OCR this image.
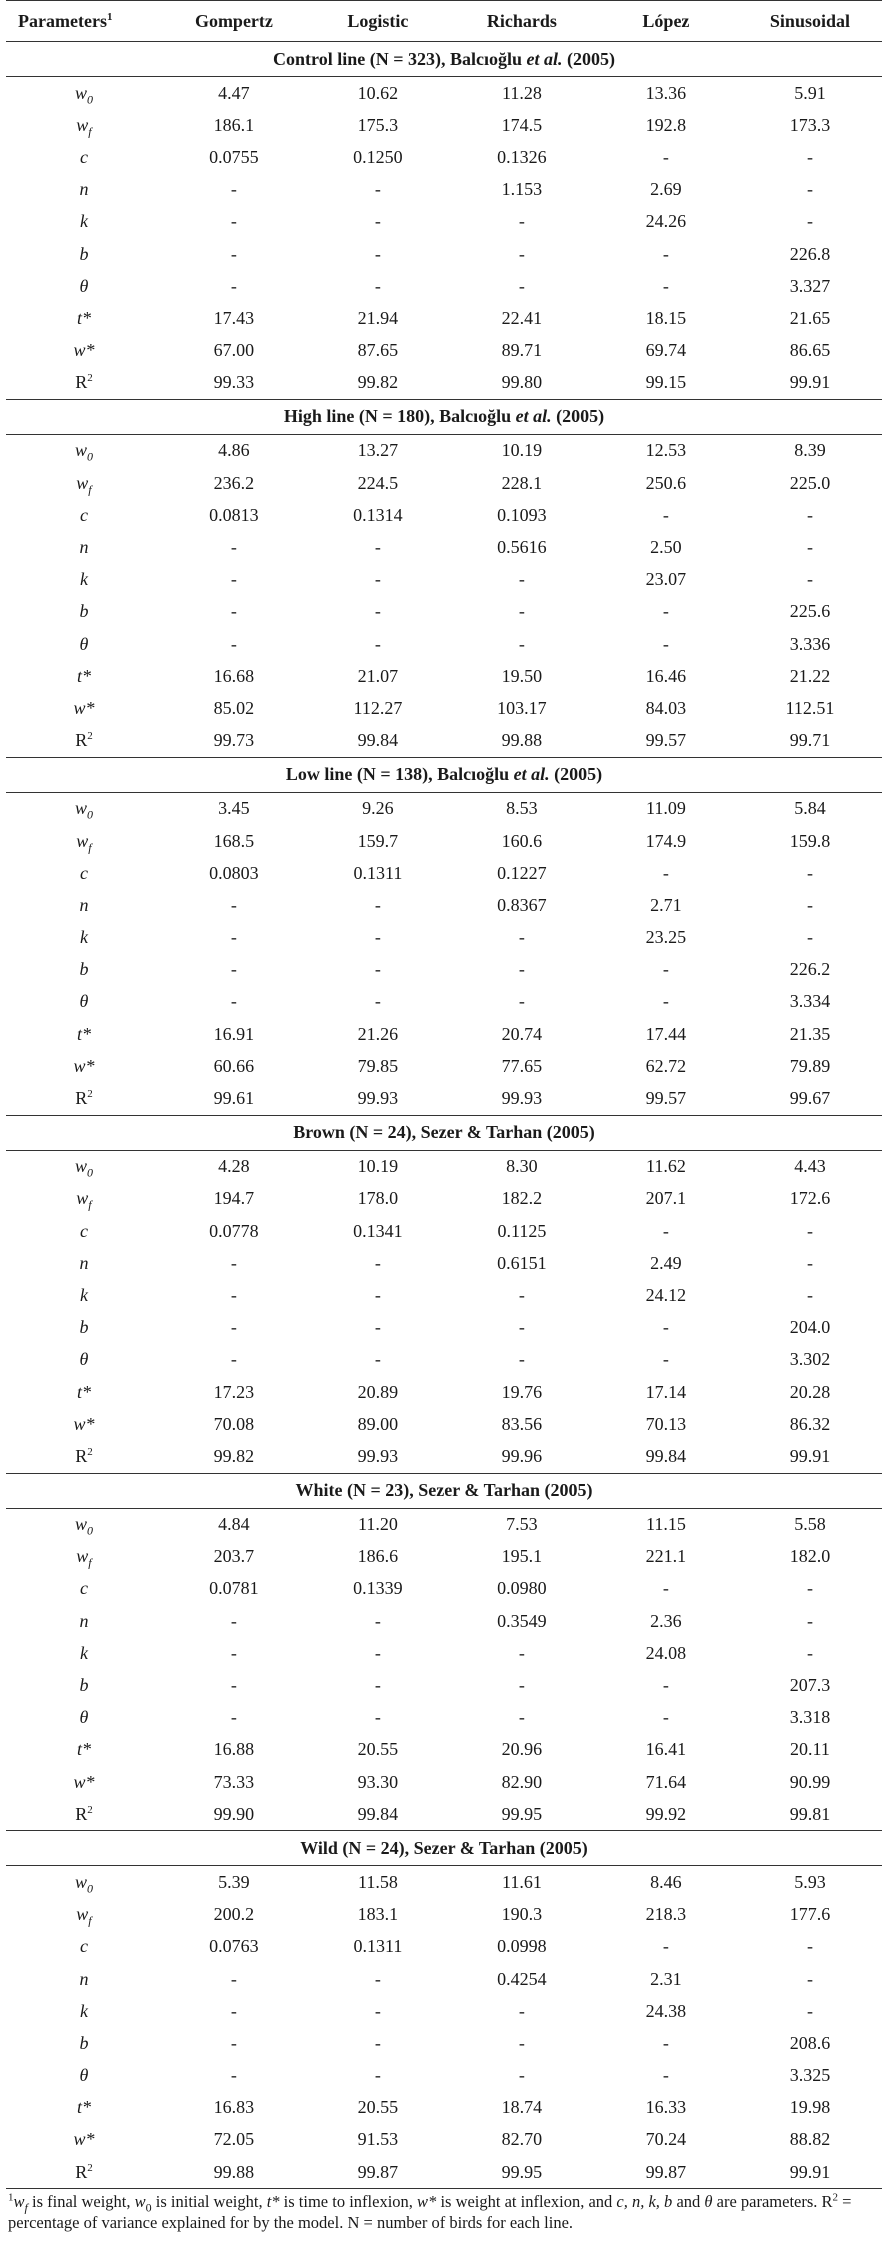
Parameters$^1$	Gompertz	Logistic	Richards	López	Sinusoidal
Control line (N = 323), Balcıoğlu et al. (2005)					
$w_0$	4.47	10.62	11.28	13.36	5.91
$w_f$	186.1	175.3	174.5	192.8	173.3
c	0.0755	0.1250	0.1326	-	-
n	-	-	1.153	2.69	-
k	-	-	-	24.26	-
b	-	-	-	-	226.8
θ	-	-	-	-	3.327
t*	17.43	21.94	22.41	18.15	21.65
w*	67.00	87.65	89.71	69.74	86.65
$R^2$	99.33	99.82	99.80	99.15	99.91
High line (N = 180), Balcıoğlu et al. (2005)					
$w_0$	4.86	13.27	10.19	12.53	8.39
$w_f$	236.2	224.5	228.1	250.6	225.0
c	0.0813	0.1314	0.1093	-	-
n	-	-	0.5616	2.50	-
k	-	-	-	23.07	-
b	-	-	-	-	225.6
θ	-	-	-	-	3.336
t*	16.68	21.07	19.50	16.46	21.22
w*	85.02	112.27	103.17	84.03	112.51
$R^2$	99.73	99.84	99.88	99.57	99.71
Low line (N = 138), Balcıoğlu et al. (2005)					
$w_0$	3.45	9.26	8.53	11.09	5.84
$w_f$	168.5	159.7	160.6	174.9	159.8
c	0.0803	0.1311	0.1227	-	-
n	-	-	0.8367	2.71	-
k	-	-	-	23.25	-
b	-	-	-	-	226.2
θ	-	-	-	-	3.334
t*	16.91	21.26	20.74	17.44	21.35
w*	60.66	79.85	77.65	62.72	79.89
$R^2$	99.61	99.93	99.93	99.57	99.67
Brown (N = 24), Sezer & Tarhan (2005)					
$w_0$	4.28	10.19	8.30	11.62	4.43
$w_f$	194.7	178.0	182.2	207.1	172.6
c	0.0778	0.1341	0.1125	-	-
n	-	-	0.6151	2.49	-
k	-	-	-	24.12	-
b	-	-	-	-	204.0
θ	-	-	-	-	3.302
t*	17.23	20.89	19.76	17.14	20.28
w*	70.08	89.00	83.56	70.13	86.32
$R^2$	99.82	99.93	99.96	99.84	99.91
White (N = 23), Sezer & Tarhan (2005)					
$w_0$	4.84	11.20	7.53	11.15	5.58
$w_f$	203.7	186.6	195.1	221.1	182.0
c	0.0781	0.1339	0.0980	-	-
n	-	-	0.3549	2.36	-
k	-	-	-	24.08	-
b	-	-	-	-	207.3
θ	-	-	-	-	3.318
t*	16.88	20.55	20.96	16.41	20.11
w*	73.33	93.30	82.90	71.64	90.99
$R^2$	99.90	99.84	99.95	99.92	99.81
Wild (N = 24), Sezer & Tarhan (2005)					
$w_0$	5.39	11.58	11.61	8.46	5.93
$w_f$	200.2	183.1	190.3	218.3	177.6
c	0.0763	0.1311	0.0998	-	-
n	-	-	0.4254	2.31	-
k	-	-	-	24.38	-
b	-	-	-	-	208.6
θ	-	-	-	-	3.325
t*	16.83	20.55	18.74	16.33	19.98
w*	72.05	91.53	82.70	70.24	88.82
$R^2$	99.88	99.87	99.95	99.87	99.91
$^1w_f$ is final weight, $w_0$ is initial weight, t* is time to inflexion, w* is weight at inflexion, and c, n, k, b and θ are parameters. $R^2$ = percentage of variance explained for by the model. N = number of birds for each line.
